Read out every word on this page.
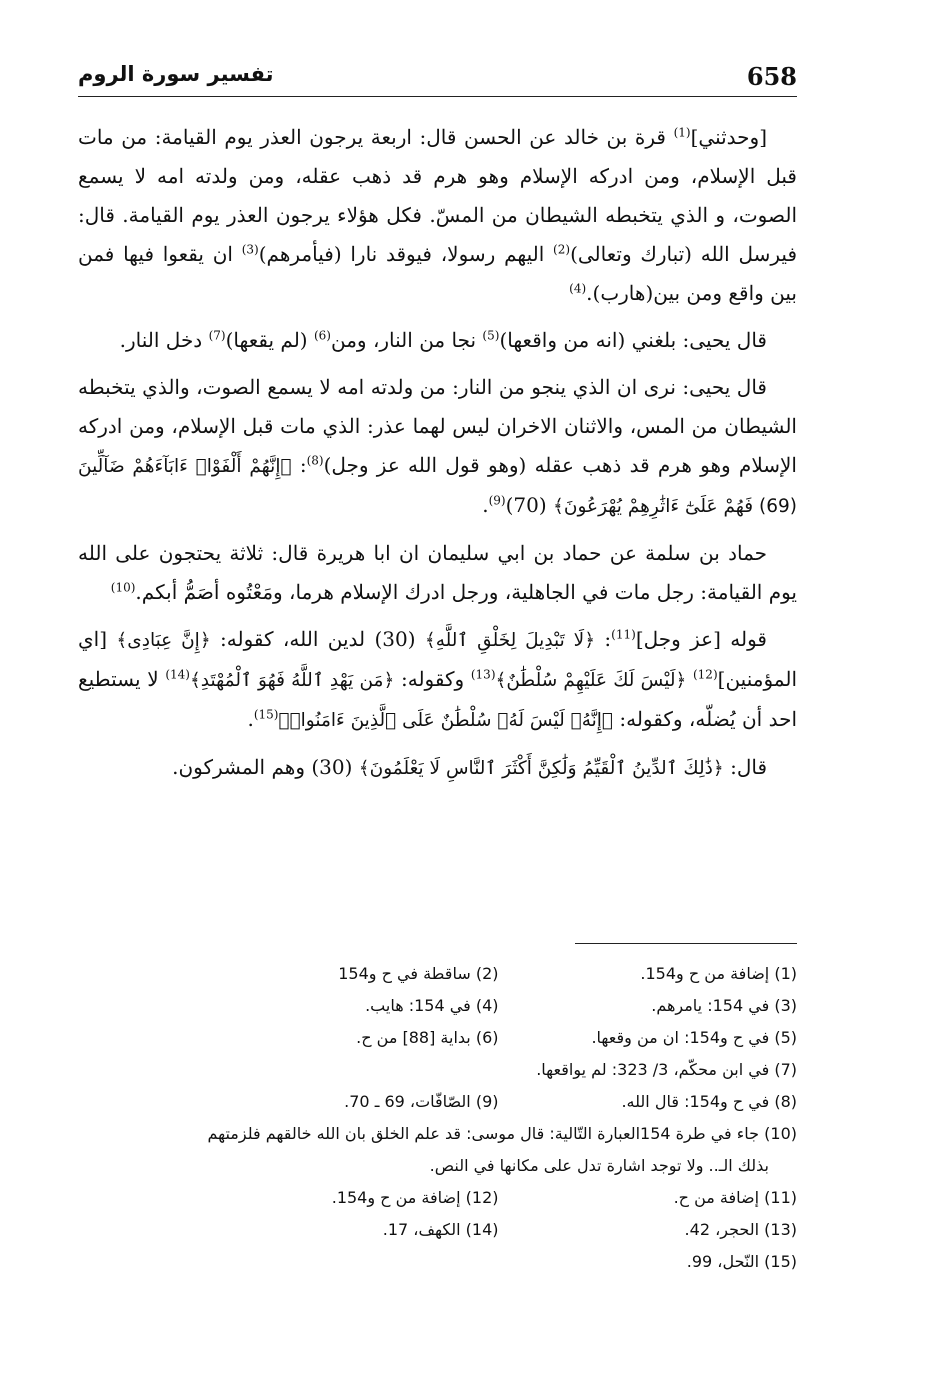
658
تفسير سورة الروم

[وحدثني]$^{(1)}$ قرة بن خالد عن الحسن قال: اربعة يرجون العذر يوم القيامة: من مات قبل الإسلام، ومن ادركه الإسلام وهو هرم قد ذهب عقله، ومن ولدته امه لا يسمع الصوت، و الذي يتخبطه الشيطان من المسّ. فكل هؤلاء يرجون العذر يوم القيامة. قال: فيرسل الله (تبارك وتعالى)$^{(2)}$ اليهم رسولا، فيوقد نارا (فيأمرهم)$^{(3)}$ ان يقعوا فيها فمن بين واقع ومن بين(هارب).$^{(4)}$

قال يحيى: بلغني (انه من واقعها)$^{(5)}$ نجا من النار، ومن$^{(6)}$ (لم يقعها)$^{(7)}$ دخل النار.

قال يحيى: نرى ان الذي ينجو من النار: من ولدته امه لا يسمع الصوت، والذي يتخبطه الشيطان من المس، والاثنان الاخران ليس لهما عذر: الذي مات قبل الإسلام، ومن ادركه الإسلام وهو هرم قد ذهب عقله (وهو قول الله عز وجل)$^{(8)}$: ﴿إِنَّهُمْ أَلْفَوْا۟ ءَابَآءَهُمْ ضَآلِّينَ (69) فَهُمْ عَلَىٰٓ ءَاثَٰرِهِمْ يُهْرَعُونَ﴾ $(70)^{(9)}$.

حماد بن سلمة عن حماد بن ابي سليمان ان ابا هريرة قال: ثلاثة يحتجون على الله يوم القيامة: رجل مات في الجاهلية، ورجل ادرك الإسلام هرما، ومَعْتُوه أصَمُّ أبكم.$^{(10)}$

قوله [عز وجل]$^{(11)}$: ﴿لَا تَبْدِيلَ لِخَلْقِ ٱللَّهِ﴾ (30) لدين الله، كقوله: ﴿إِنَّ عِبَادِى﴾ [اي المؤمنين]$^{(12)}$ ﴿لَيْسَ لَكَ عَلَيْهِمْ سُلْطَٰنٌ﴾$^{(13)}$ وكقوله: ﴿مَن يَهْدِ ٱللَّهُ فَهُوَ ٱلْمُهْتَدِ﴾$^{(14)}$ لا يستطيع احد أن يُضلّه، وكقوله: ﴿إِنَّهُۥ لَيْسَ لَهُۥ سُلْطَٰنٌ عَلَى ٱلَّذِينَ ءَامَنُوا۟﴾$^{(15)}$.

قال: ﴿ذَٰلِكَ ٱلدِّينُ ٱلْقَيِّمُ وَلَٰكِنَّ أَكْثَرَ ٱلنَّاسِ لَا يَعْلَمُونَ﴾ (30) وهم المشركون.

(1) إضافة من ح و154.
(2) ساقطة في ح و154
(3) في 154: يامرهم.
(4) في 154: هايب.
(5) في ح و154: ان من وقعها.
(6) بداية [88] من ح.
(7) في ابن محكّم، 3/ 323: لم يواقعها.
(8) في ح و154: قال الله.
(9) الصّافّات، 69 ـ 70.
(10) جاء في طرة 154العبارة التّالية: قال موسى: قد علم الخلق بان الله خالقهم فلزمتهم
بذلك الـ.. ولا توجد اشارة تدل على مكانها في النص.
(11) إضافة من ح.
(12) إضافة من ح و154.
(13) الحجر، 42.
(14) الكهف، 17.
(15) النّحل، 99.
